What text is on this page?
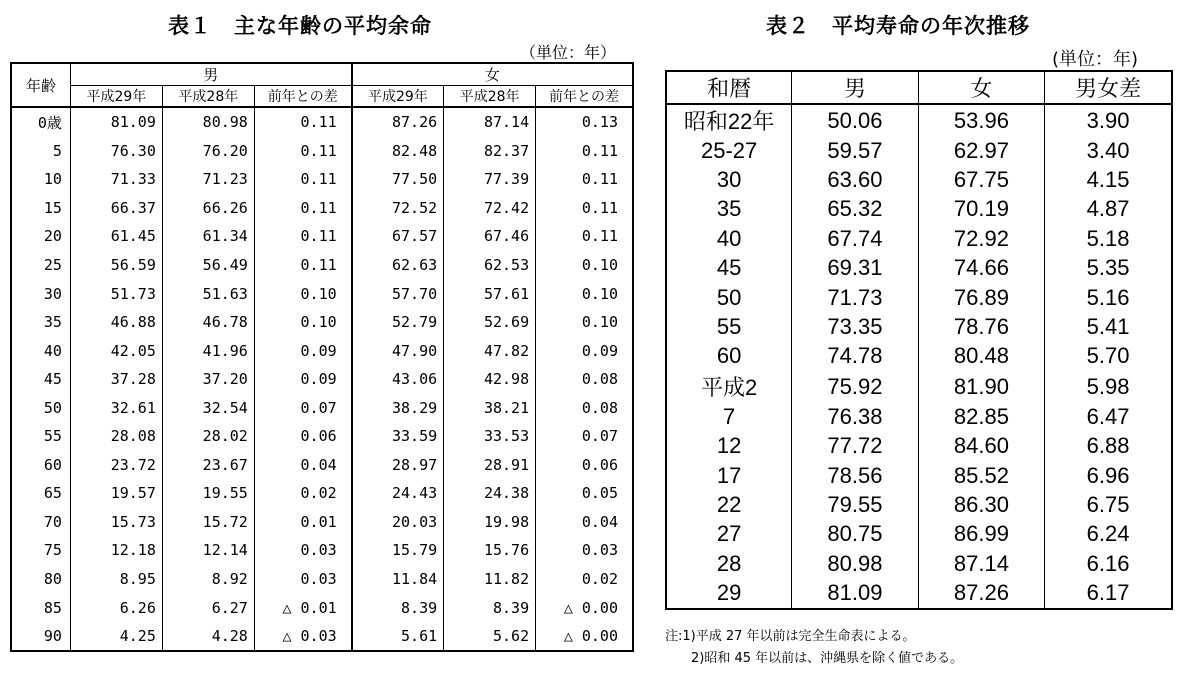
表１　主な年齢の平均余命
（単位：年）
年齢	男			女		
	平成29年	平成28年	前年との差	平成29年	平成28年	前年との差
0歳	81.09	80.98	0.11	87.26	87.14	0.13
5	76.30	76.20	0.11	82.48	82.37	0.11
10	71.33	71.23	0.11	77.50	77.39	0.11
15	66.37	66.26	0.11	72.52	72.42	0.11
20	61.45	61.34	0.11	67.57	67.46	0.11
25	56.59	56.49	0.11	62.63	62.53	0.10
30	51.73	51.63	0.10	57.70	57.61	0.10
35	46.88	46.78	0.10	52.79	52.69	0.10
40	42.05	41.96	0.09	47.90	47.82	0.09
45	37.28	37.20	0.09	43.06	42.98	0.08
50	32.61	32.54	0.07	38.29	38.21	0.08
55	28.08	28.02	0.06	33.59	33.53	0.07
60	23.72	23.67	0.04	28.97	28.91	0.06
65	19.57	19.55	0.02	24.43	24.38	0.05
70	15.73	15.72	0.01	20.03	19.98	0.04
75	12.18	12.14	0.03	15.79	15.76	0.03
80	8.95	8.92	0.03	11.84	11.82	0.02
85	6.26	6.27	△ 0.01	8.39	8.39	△ 0.00
90	4.25	4.28	△ 0.03	5.61	5.62	△ 0.00
表２　平均寿命の年次推移
(単位：年)
和暦	男	女	男女差
昭和22年	50.06	53.96	3.90
25-27	59.57	62.97	3.40
30	63.60	67.75	4.15
35	65.32	70.19	4.87
40	67.74	72.92	5.18
45	69.31	74.66	5.35
50	71.73	76.89	5.16
55	73.35	78.76	5.41
60	74.78	80.48	5.70
平成2	75.92	81.90	5.98
7	76.38	82.85	6.47
12	77.72	84.60	6.88
17	78.56	85.52	6.96
22	79.55	86.30	6.75
27	80.75	86.99	6.24
28	80.98	87.14	6.16
29	81.09	87.26	6.17
注:1)平成 27 年以前は完全生命表による。
　　2)昭和 45 年以前は、沖縄県を除く値である。
